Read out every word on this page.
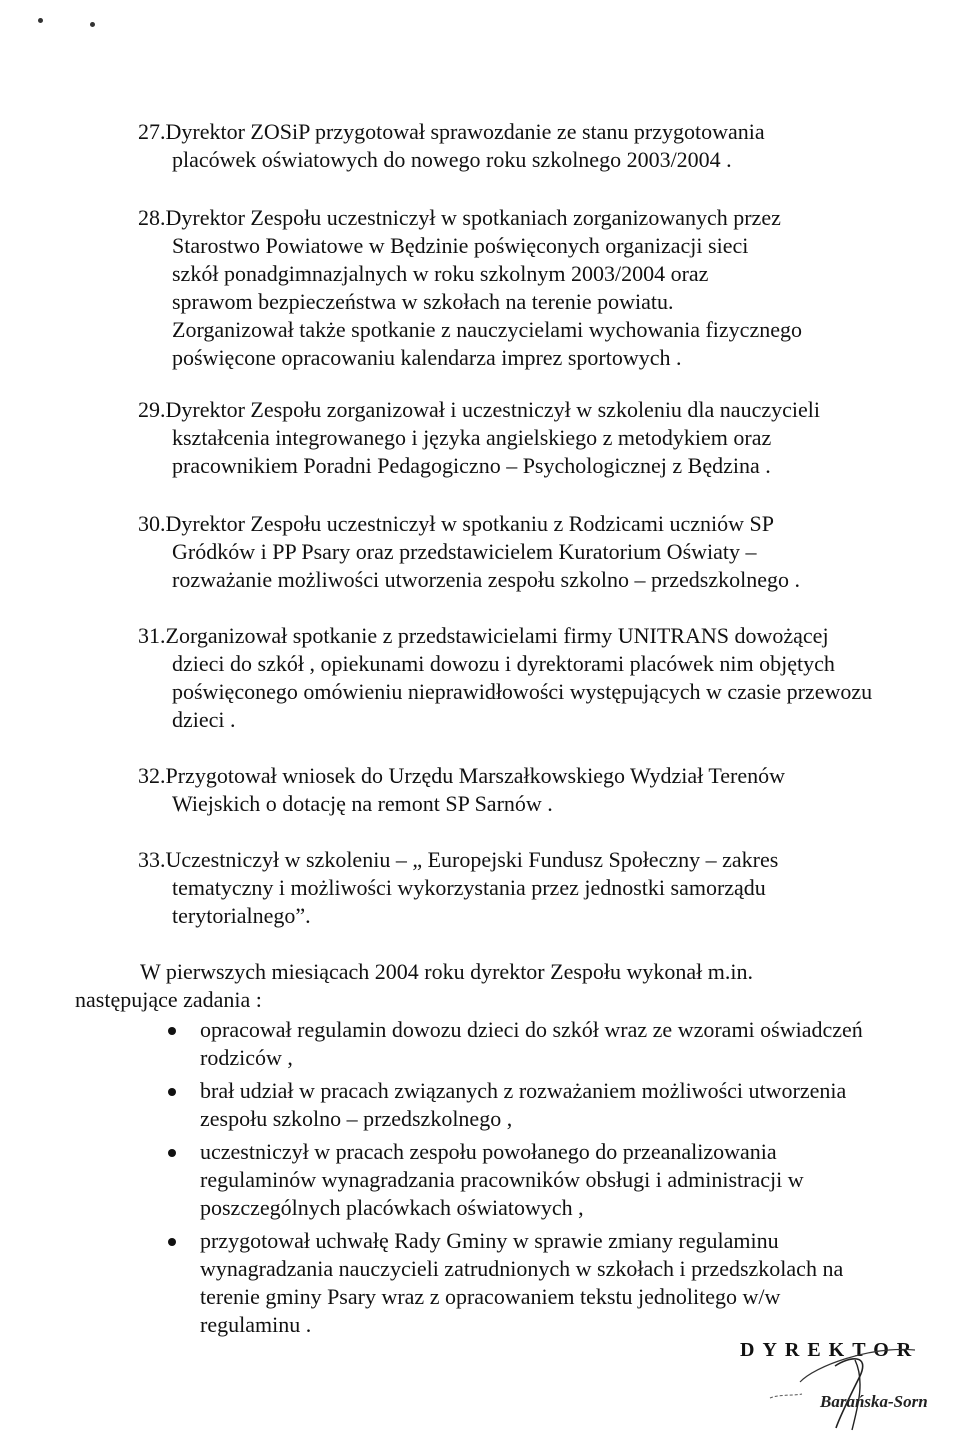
27.Dyrektor ZOSiP przygotował sprawozdanie ze stanu przygotowania
placówek oświatowych do nowego roku szkolnego 2003/2004 .
28.Dyrektor Zespołu uczestniczył w spotkaniach zorganizowanych przez
Starostwo Powiatowe w Będzinie poświęconych organizacji sieci
szkół ponadgimnazjalnych w roku szkolnym 2003/2004 oraz
sprawom bezpieczeństwa w szkołach na terenie powiatu.
Zorganizował także spotkanie z nauczycielami wychowania fizycznego
poświęcone opracowaniu kalendarza imprez sportowych .
29.Dyrektor Zespołu zorganizował i uczestniczył w szkoleniu dla nauczycieli
kształcenia integrowanego i języka angielskiego z metodykiem oraz
pracownikiem Poradni Pedagogiczno – Psychologicznej z Będzina .
30.Dyrektor Zespołu uczestniczył w spotkaniu z Rodzicami uczniów SP
Gródków i PP Psary oraz przedstawicielem Kuratorium Oświaty –
rozważanie możliwości utworzenia zespołu szkolno – przedszkolnego .
31.Zorganizował spotkanie z przedstawicielami firmy UNITRANS dowożącej
dzieci do szkół , opiekunami dowozu i dyrektorami placówek nim objętych
poświęconego omówieniu nieprawidłowości występujących w czasie przewozu
dzieci .
32.Przygotował wniosek do Urzędu Marszałkowskiego Wydział Terenów
Wiejskich o dotację na remont SP Sarnów .
33.Uczestniczył w szkoleniu – „ Europejski Fundusz Społeczny – zakres
tematyczny i możliwości wykorzystania przez jednostki samorządu
terytorialnego”.
W pierwszych miesiącach 2004 roku dyrektor Zespołu wykonał m.in.
następujące zadania :
opracował regulamin dowozu dzieci do szkół wraz ze wzorami oświadczeń
rodziców ,
brał udział w pracach związanych z rozważaniem możliwości utworzenia
zespołu szkolno – przedszkolnego ,
uczestniczył w pracach zespołu powołanego do przeanalizowania
regulaminów wynagradzania pracowników obsługi i administracji w
poszczególnych placówkach oświatowych ,
przygotował uchwałę Rady Gminy w sprawie zmiany regulaminu
wynagradzania nauczycieli zatrudnionych w szkołach i przedszkolach na
terenie gminy Psary wraz z opracowaniem tekstu jednolitego w/w
regulaminu .
DYREKTOR
Barańska-Sorn
